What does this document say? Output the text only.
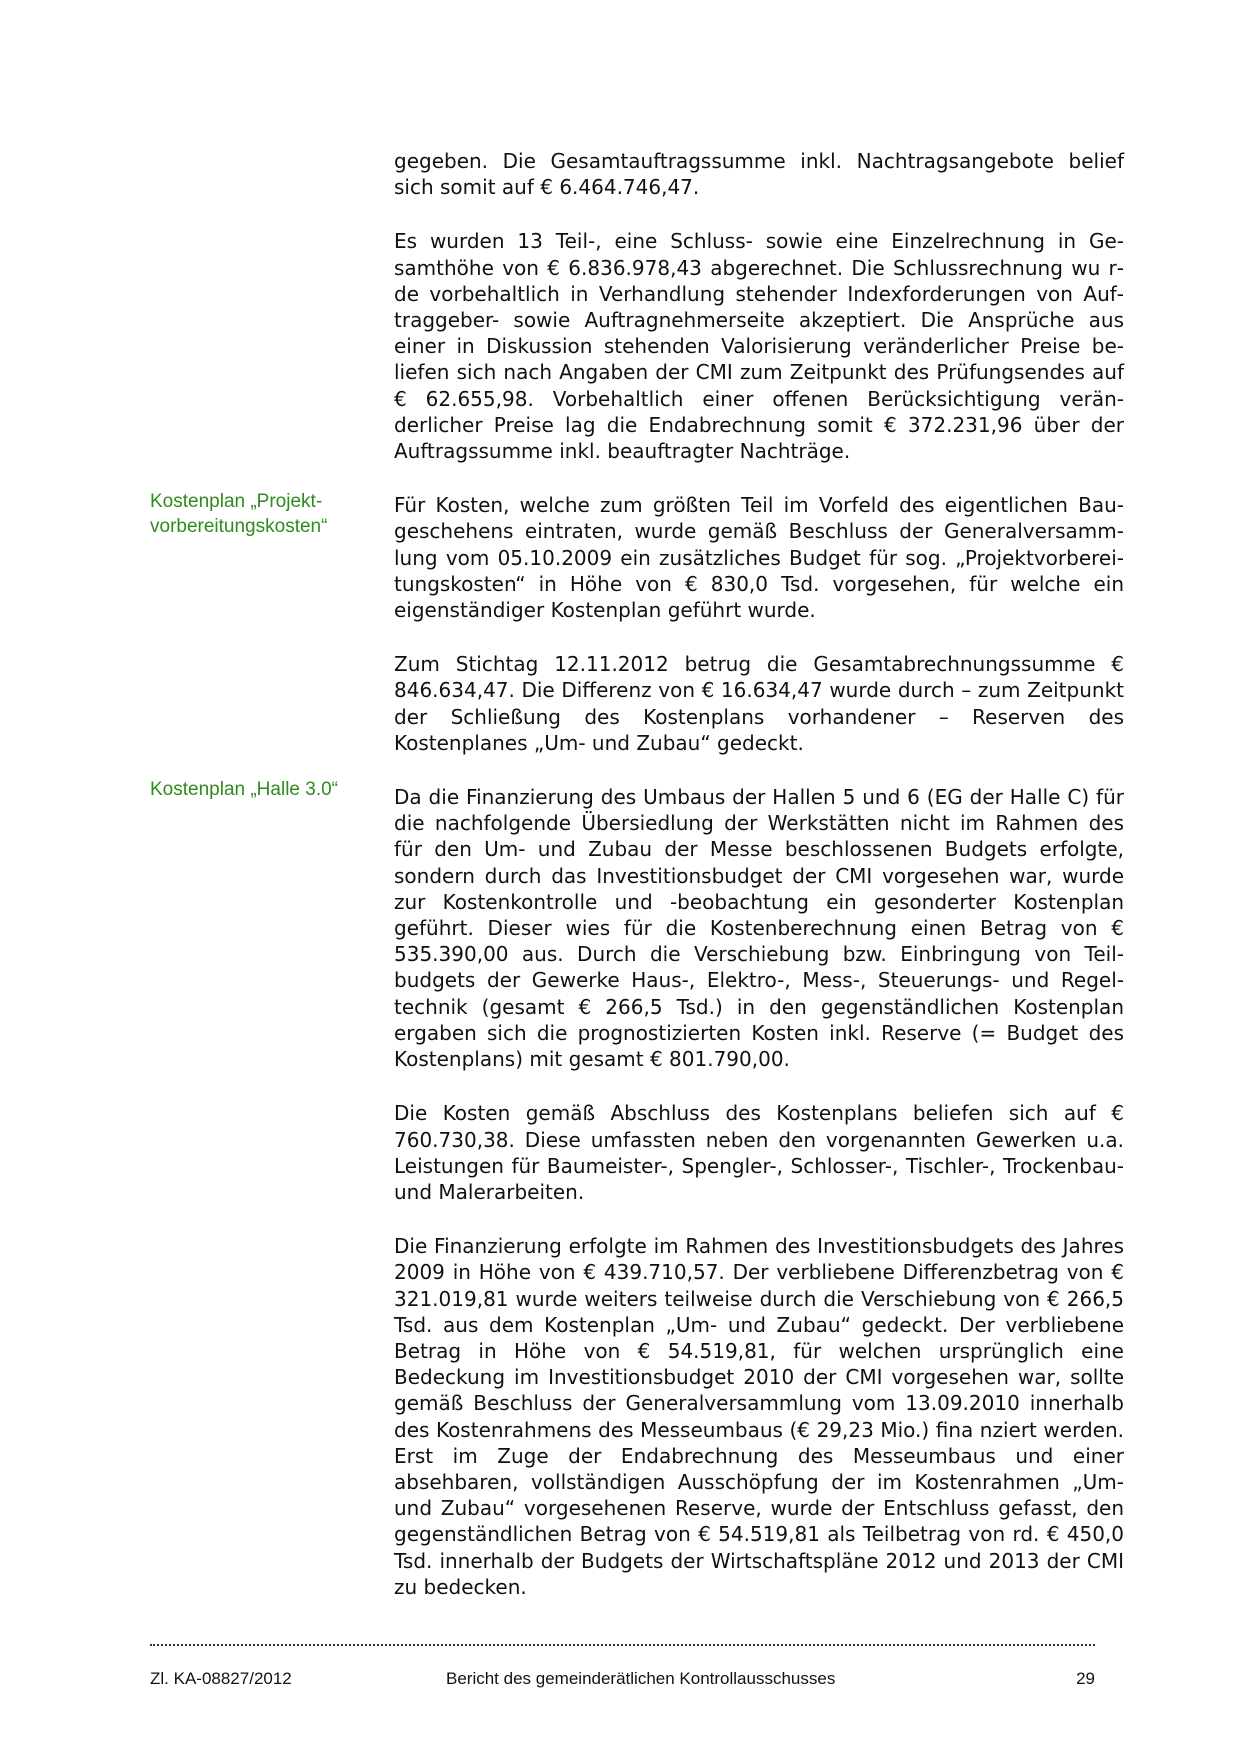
Kostenplan „Projekt-vorbereitungskosten“
Kostenplan „Halle 3.0“

gegeben. Die Gesamtauftragssumme inkl. Nachtragsangebote belief sich somit auf € 6.464.746,47.

Es wurden 13 Teil-, eine Schluss- sowie eine Einzelrechnung in Gesamthöhe von € 6.836.978,43 abgerechnet. Die Schlussrechnung wu rde vorbehaltlich in Verhandlung stehender Indexforderungen von Auftraggeber- sowie Auftragnehmerseite akzeptiert. Die Ansprüche aus einer in Diskussion stehenden Valorisierung veränderlicher Preise beliefen sich nach Angaben der CMI zum Zeitpunkt des Prüfungsendes auf € 62.655,98. Vorbehaltlich einer offenen Berücksichtigung veränderlicher Preise lag die Endabrechnung somit € 372.231,96 über der Auftragssumme inkl. beauftragter Nachträge.

Für Kosten, welche zum größten Teil im Vorfeld des eigentlichen Baugeschehens eintraten, wurde gemäß Beschluss der Generalversammlung vom 05.10.2009 ein zusätzliches Budget für sog. „Projektvorbereitungskosten“ in Höhe von € 830,0 Tsd. vorgesehen, für welche ein eigenständiger Kostenplan geführt wurde.

Zum Stichtag 12.11.2012 betrug die Gesamtabrechnungssumme € 846.634,47. Die Differenz von € 16.634,47 wurde durch – zum Zeitpunkt der Schließung des Kostenplans vorhandener – Reserven des Kostenplanes „Um- und Zubau“ gedeckt.

Da die Finanzierung des Umbaus der Hallen 5 und 6 (EG der Halle C) für die nachfolgende Übersiedlung der Werkstätten nicht im Rahmen des für den Um- und Zubau der Messe beschlossenen Budgets erfolgte, sondern durch das Investitionsbudget der CMI vorgesehen war, wurde zur Kostenkontrolle und -beobachtung ein gesonderter Kostenplan geführt. Dieser wies für die Kostenberechnung einen Betrag von € 535.390,00 aus. Durch die Verschiebung bzw. Einbringung von Teilbudgets der Gewerke Haus-, Elektro-, Mess-, Steuerungs- und Regeltechnik (gesamt € 266,5 Tsd.) in den gegenständlichen Kostenplan ergaben sich die prognostizierten Kosten inkl. Reserve (= Budget des Kostenplans) mit gesamt € 801.790,00.

Die Kosten gemäß Abschluss des Kostenplans beliefen sich auf € 760.730,38. Diese umfassten neben den vorgenannten Gewerken u.a. Leistungen für Baumeister-, Spengler-, Schlosser-, Tischler-, Trockenbau- und Malerarbeiten.

Die Finanzierung erfolgte im Rahmen des Investitionsbudgets des Jahres 2009 in Höhe von € 439.710,57. Der verbliebene Differenzbetrag von € 321.019,81 wurde weiters teilweise durch die Verschiebung von € 266,5 Tsd. aus dem Kostenplan „Um- und Zubau“ gedeckt. Der verbliebene Betrag in Höhe von € 54.519,81, für welchen ursprünglich eine Bedeckung im Investitionsbudget 2010 der CMI vorgesehen war, sollte gemäß Beschluss der Generalversammlung vom 13.09.2010 innerhalb des Kostenrahmens des Messeumbaus (€ 29,23 Mio.) fina nziert werden. Erst im Zuge der Endabrechnung des Messeumbaus und einer absehbaren, vollständigen Ausschöpfung der im Kostenrahmen „Um- und Zubau“ vorgesehenen Reserve, wurde der Entschluss gefasst, den gegenständlichen Betrag von € 54.519,81 als Teilbetrag von rd. € 450,0 Tsd. innerhalb der Budgets der Wirtschaftspläne 2012 und 2013 der CMI zu bedecken.

Zl. KA-08827/2012	Bericht des gemeinderätlichen Kontrollausschusses	29
